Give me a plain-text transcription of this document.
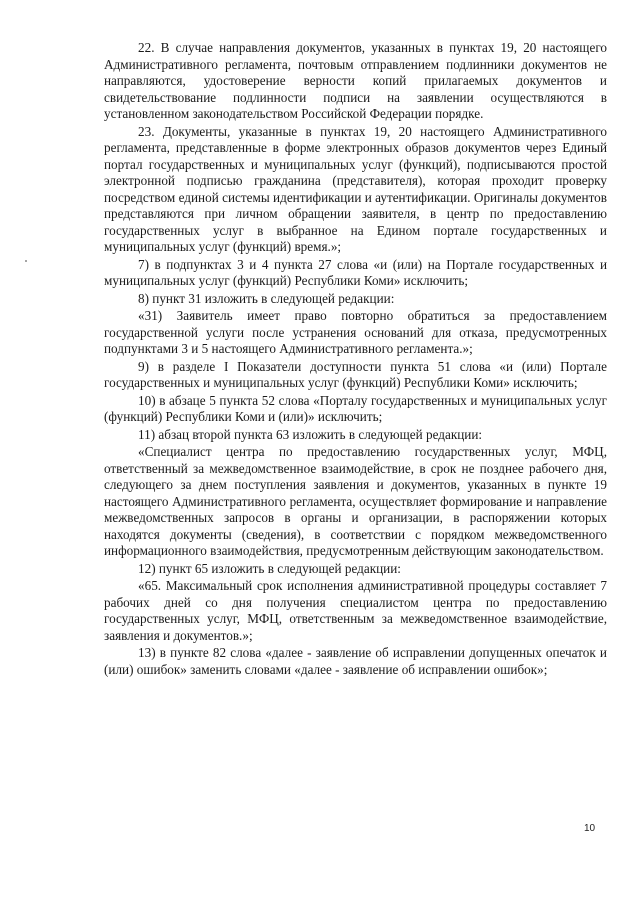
22. В случае направления документов, указанных в пунктах 19, 20 настоящего Административного регламента, почтовым отправлением подлинники документов не направляются, удостоверение верности копий прилагаемых документов и свидетельствование подлинности подписи на заявлении осуществляются в установленном законодательством Российской Федерации порядке.

23. Документы, указанные в пунктах 19, 20 настоящего Административного регламента, представленные в форме электронных образов документов через Единый портал государственных и муниципальных услуг (функций), подписываются простой электронной подписью гражданина (представителя), которая проходит проверку посредством единой системы идентификации и аутентификации. Оригиналы документов представляются при личном обращении заявителя, в центр по предоставлению государственных услуг в выбранное на Едином портале государственных и муниципальных услуг (функций) время.»;

7) в подпунктах 3 и 4 пункта 27 слова «и (или) на Портале государственных и муниципальных услуг (функций) Республики Коми» исключить;

8) пункт 31 изложить в следующей редакции:

«31) Заявитель имеет право повторно обратиться за предоставлением государственной услуги после устранения оснований для отказа, предусмотренных подпунктами 3 и 5 настоящего Административного регламента.»;

9) в разделе I Показатели доступности пункта 51 слова «и (или) Портале государственных и муниципальных услуг (функций) Республики Коми» исключить;

10) в абзаце 5 пункта 52 слова «Порталу государственных и муниципальных услуг (функций) Республики Коми и (или)» исключить;

11) абзац второй пункта 63 изложить в следующей редакции:

«Специалист центра по предоставлению государственных услуг, МФЦ, ответственный за межведомственное взаимодействие, в срок не позднее рабочего дня, следующего за днем поступления заявления и документов, указанных в пункте 19 настоящего Административного регламента, осуществляет формирование и направление межведомственных запросов в органы и организации, в распоряжении которых находятся документы (сведения), в соответствии с порядком межведомственного информационного взаимодействия, предусмотренным действующим законодательством.

12) пункт 65 изложить в следующей редакции:

«65. Максимальный срок исполнения административной процедуры составляет 7 рабочих дней со дня получения специалистом центра по предоставлению государственных услуг, МФЦ, ответственным за межведомственное взаимодействие, заявления и документов.»;

13) в пункте 82 слова «далее - заявление об исправлении допущенных опечаток и (или) ошибок» заменить словами «далее - заявление об исправлении ошибок»;

10
